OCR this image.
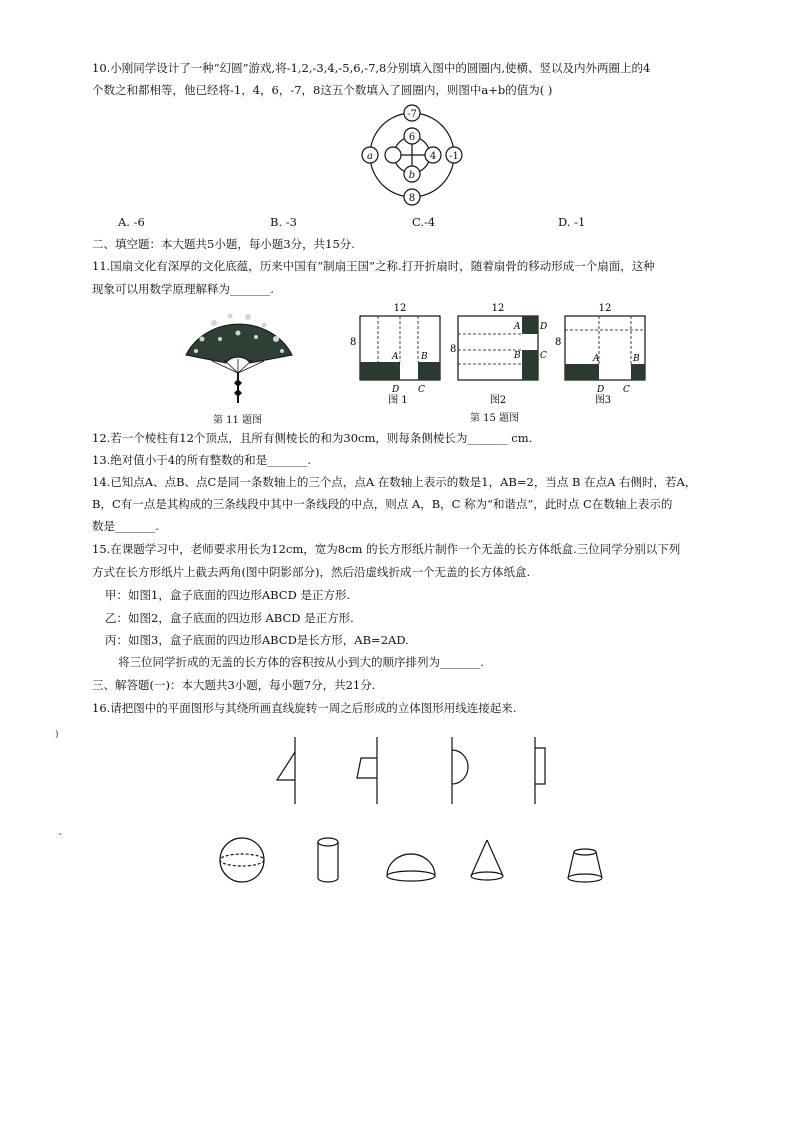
10.小刚同学设计了一种“幻圆”游戏,将-1,2,-3,4,-5,6,-7,8分别填入图中的圆圈内,使横、竖以及内外两圈上的4
个数之和都相等，他已经将-1，4，6，-7，8这五个数填入了圆圈内，则图中a+b的值为( )
-7
6
a	4 -1
b
8
A. -6	B. -3	C.-4	D. -1
二、填空题：本大题共5小题，每小题3分，共15分.
11.国扇文化有深厚的文化底蕴，历来中国有“制扇王国”之称.打开折扇时，随着扇骨的移动形成一个扇面，这种
现象可以用数学原理解释为_______.
第 11 题图
12
8
A	B
D C
图 1
12
8
A D
B C
图2
第 15 题图
12
8
A	B
D C
图3
12.若一个棱柱有12个顶点，且所有侧棱长的和为30cm，则每条侧棱长为_______ cm.
13.绝对值小于4的所有整数的和是_______.
14.已知点A、点B、点C是同一条数轴上的三个点，点A 在数轴上表示的数是1，AB=2，当点 B 在点A 右侧时，若A，
B，C有一点是其构成的三条线段中其中一条线段的中点，则点 A，B，C 称为“和谐点”，此时点 C在数轴上表示的
数是_______.
15.在课题学习中，老师要求用长为12cm，宽为8cm 的长方形纸片制作一个无盖的长方体纸盒.三位同学分别以下列
方式在长方形纸片上截去两角(图中阴影部分)，然后沿虚线折成一个无盖的长方体纸盒.
甲：如图1，盒子底面的四边形ABCD 是正方形.
乙：如图2，盒子底面的四边形 ABCD 是正方形.
丙：如图3，盒子底面的四边形ABCD是长方形，AB=2AD.
将三位同学折成的无盖的长方体的容积按从小到大的顺序排列为_______.
三、解答题(一)：本大题共3小题，每小题7分，共21分.
16.请把图中的平面图形与其绕所画直线旋转一周之后形成的立体图形用线连接起来.
)
ˇ
